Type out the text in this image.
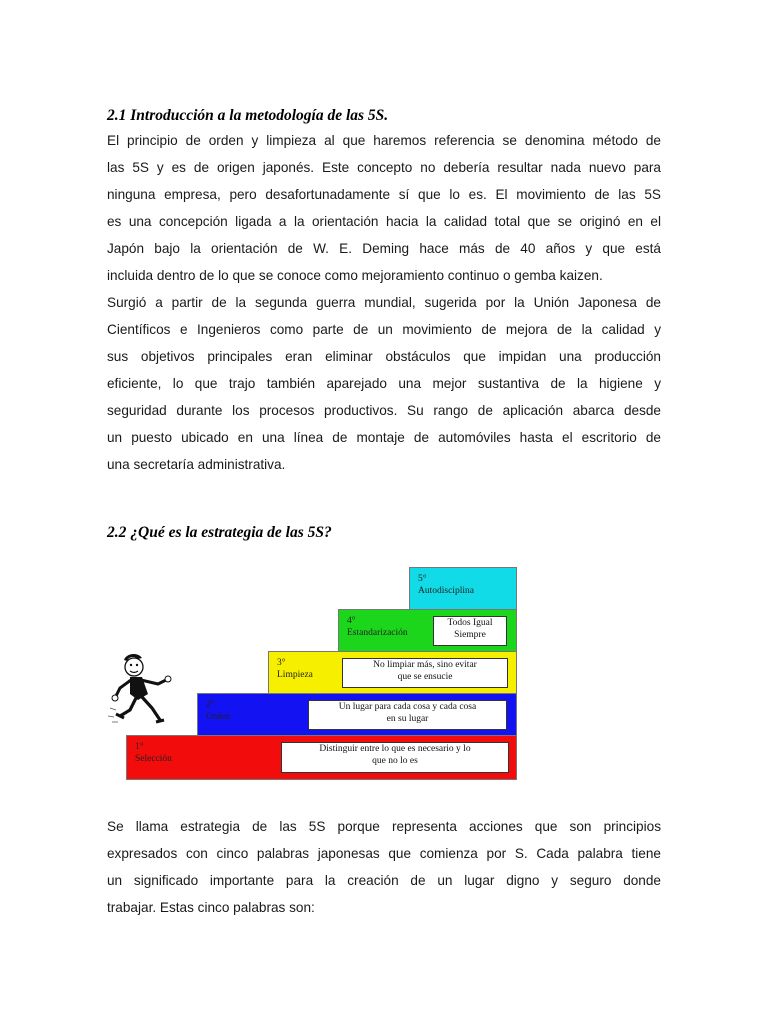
2.1 Introducción a la metodología de las 5S.
El principio de orden y limpieza al que haremos referencia se denomina método de
las 5S y es de origen japonés. Este concepto no debería resultar nada nuevo para
ninguna empresa, pero desafortunadamente sí que lo es. El movimiento de las 5S
es una concepción ligada a la orientación hacia la calidad total que se originó en el
Japón bajo la orientación de W. E. Deming hace más de 40 años y que está
incluida dentro de lo que se conoce como mejoramiento continuo o gemba kaizen.
Surgió a partir de la segunda guerra mundial, sugerida por la Unión Japonesa de
Científicos e Ingenieros como parte de un movimiento de mejora de la calidad y
sus objetivos principales eran eliminar obstáculos que impidan una producción
eficiente, lo que trajo también aparejado una mejor sustantiva de la higiene y
seguridad durante los procesos productivos. Su rango de aplicación abarca desde
un puesto ubicado en una línea de montaje de automóviles hasta el escritorio de
una secretaría administrativa.
2.2 ¿Qué es la estrategia de las 5S?
5°
Autodisciplina
4°
Estandarización
Todos Igual
Siempre
3°
Limpieza
No limpiar más, sino evitar
que se ensucie
2°
Orden
Un lugar para cada cosa y cada cosa
en su lugar
1°
Selección
Distinguir entre lo que es necesario y lo
que no lo es
Se llama estrategia de las 5S porque representa acciones que son principios
expresados con cinco palabras japonesas que comienza por S. Cada palabra tiene
un significado importante para la creación de un lugar digno y seguro donde
trabajar. Estas cinco palabras son:
